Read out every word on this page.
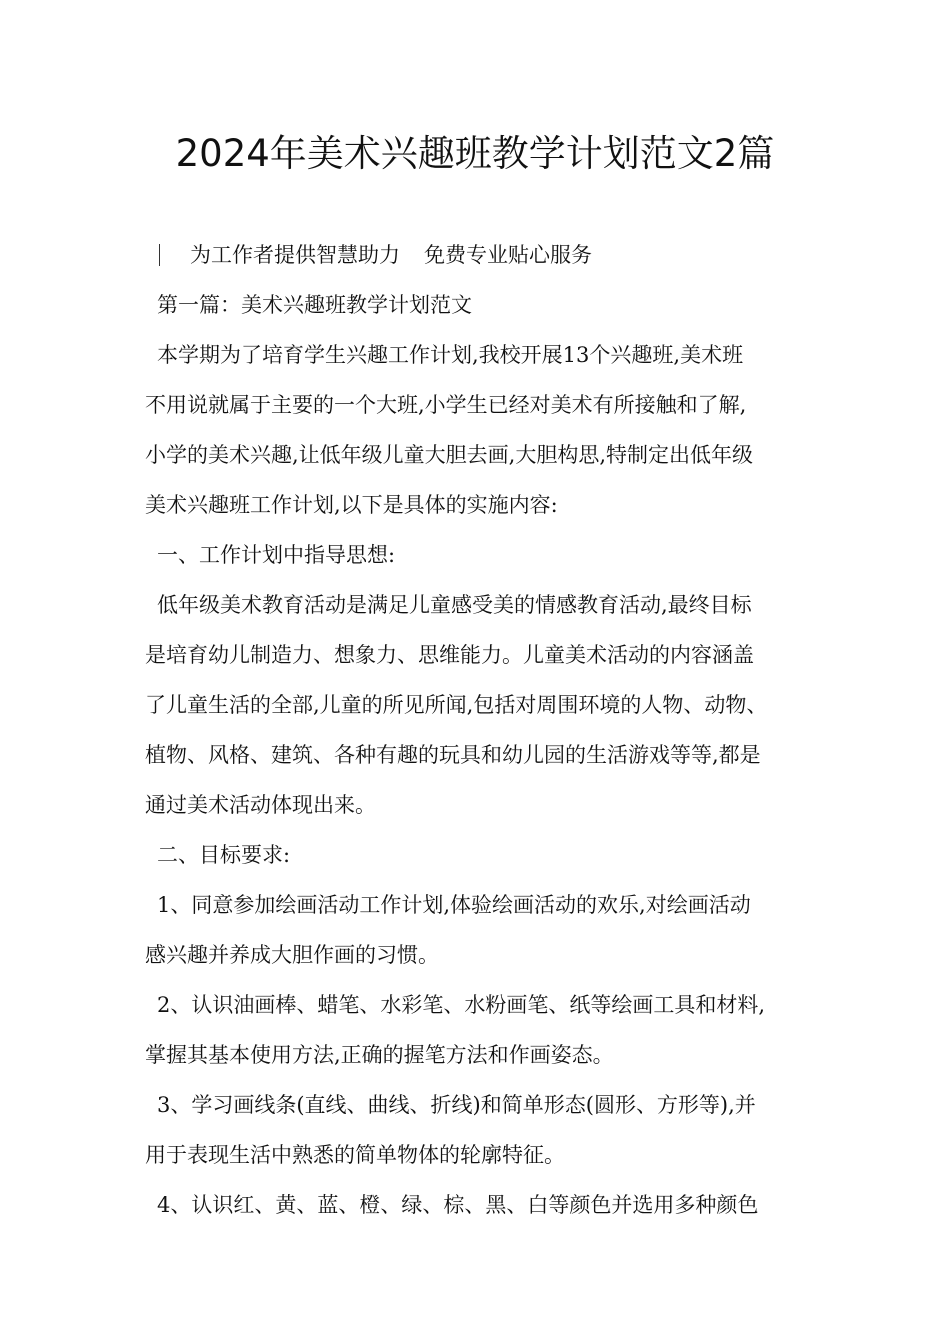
2024年美术兴趣班教学计划范文2篇
为工作者提供智慧助力 免费专业贴心服务
第一篇：美术兴趣班教学计划范文
本学期为了培育学生兴趣工作计划,我校开展13个兴趣班,美术班
不用说就属于主要的一个大班,小学生已经对美术有所接触和了解,
小学的美术兴趣,让低年级儿童大胆去画,大胆构思,特制定出低年级
美术兴趣班工作计划,以下是具体的实施内容:
一、工作计划中指导思想:
低年级美术教育活动是满足儿童感受美的情感教育活动,最终目标
是培育幼儿制造力、想象力、思维能力。儿童美术活动的内容涵盖
了儿童生活的全部,儿童的所见所闻,包括对周围环境的人物、动物、
植物、风格、建筑、各种有趣的玩具和幼儿园的生活游戏等等,都是
通过美术活动体现出来。
二、目标要求:
1、同意参加绘画活动工作计划,体验绘画活动的欢乐,对绘画活动
感兴趣并养成大胆作画的习惯。
2、认识油画棒、蜡笔、水彩笔、水粉画笔、纸等绘画工具和材料,
掌握其基本使用方法,正确的握笔方法和作画姿态。
3、学习画线条(直线、曲线、折线)和简单形态(圆形、方形等),并
用于表现生活中熟悉的简单物体的轮廓特征。
4、认识红、黄、蓝、橙、绿、棕、黑、白等颜色并选用多种颜色
